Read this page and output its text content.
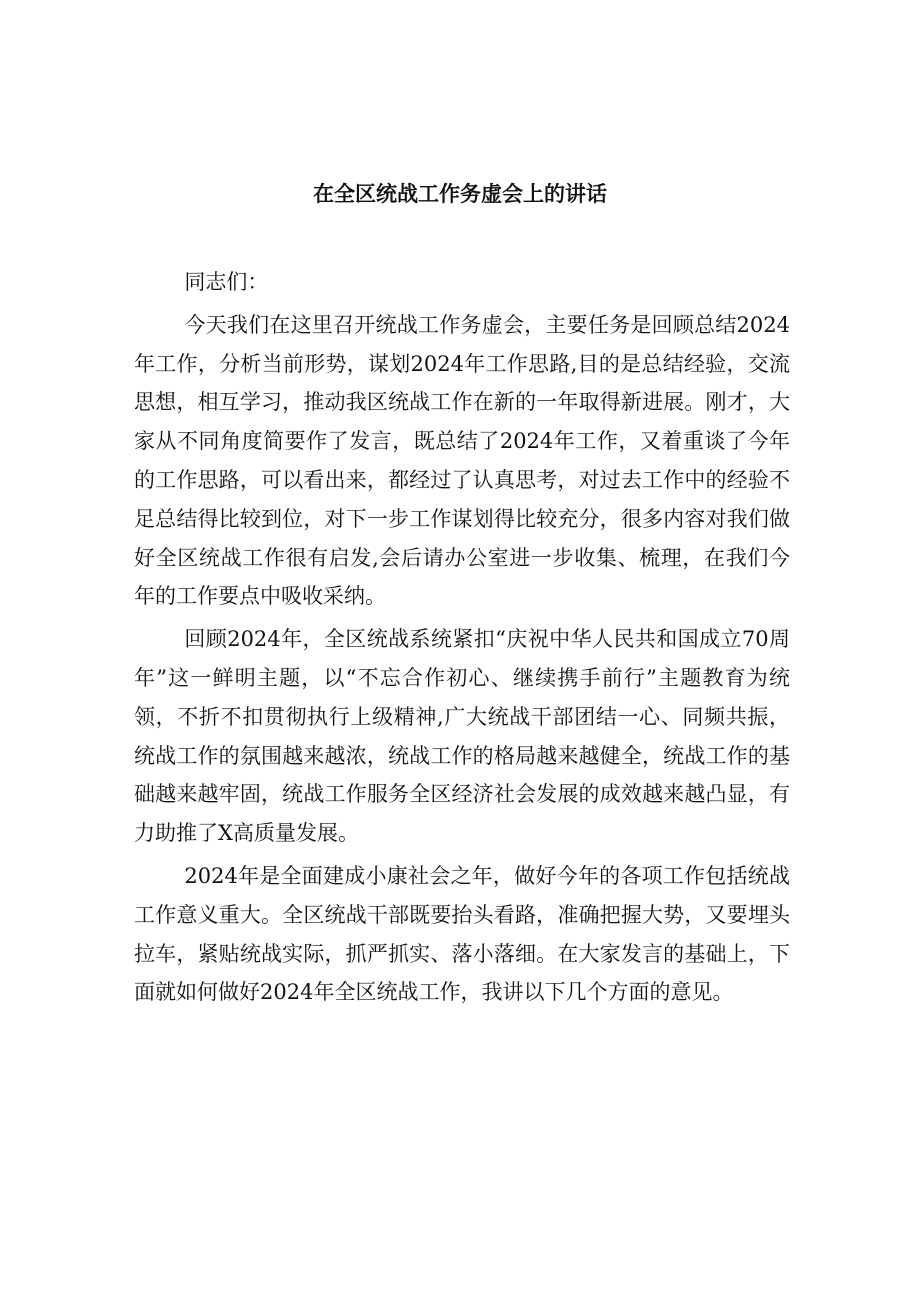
在全区统战工作务虚会上的讲话

同志们：

今天我们在这里召开统战工作务虚会，主要任务是回顾总结2024年工作，分析当前形势，谋划2024年工作思路,目的是总结经验，交流思想，相互学习，推动我区统战工作在新的一年取得新进展。刚才，大家从不同角度简要作了发言，既总结了2024年工作，又着重谈了今年的工作思路，可以看出来，都经过了认真思考，对过去工作中的经验不足总结得比较到位，对下一步工作谋划得比较充分，很多内容对我们做好全区统战工作很有启发,会后请办公室进一步收集、梳理，在我们今年的工作要点中吸收采纳。

回顾2024年，全区统战系统紧扣“庆祝中华人民共和国成立70周年”这一鲜明主题，以“不忘合作初心、继续携手前行”主题教育为统领，不折不扣贯彻执行上级精神,广大统战干部团结一心、同频共振，统战工作的氛围越来越浓，统战工作的格局越来越健全，统战工作的基础越来越牢固，统战工作服务全区经济社会发展的成效越来越凸显，有力助推了X高质量发展。

2024年是全面建成小康社会之年，做好今年的各项工作包括统战工作意义重大。全区统战干部既要抬头看路，准确把握大势，又要埋头拉车，紧贴统战实际，抓严抓实、落小落细。在大家发言的基础上，下面就如何做好2024年全区统战工作，我讲以下几个方面的意见。
